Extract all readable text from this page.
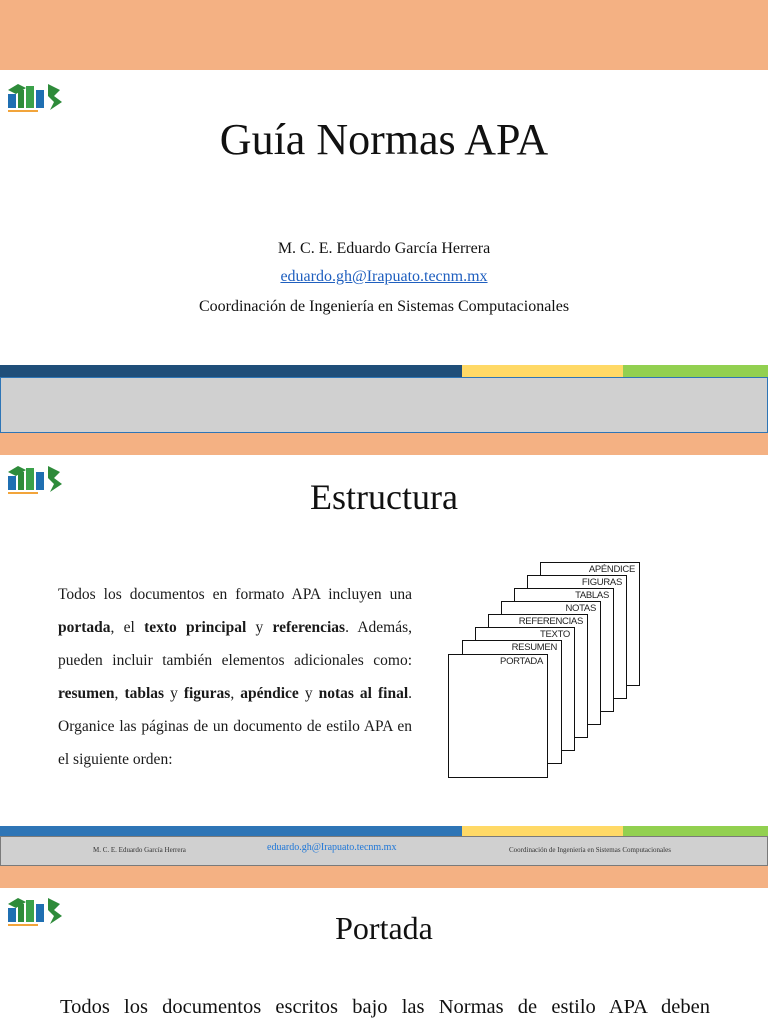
Guía Normas APA
M. C. E. Eduardo García Herrera
eduardo.gh@Irapuato.tecnm.mx
Coordinación de Ingeniería en Sistemas Computacionales
Estructura
Todos los documentos en formato APA incluyen una portada, el texto principal y referencias. Además, pueden incluir también elementos adicionales como: resumen, tablas y figuras, apéndice y notas al final. Organice las páginas de un documento de estilo APA en el siguiente orden:
APÉNDICE
FIGURAS
TABLAS
NOTAS
REFERENCIAS
TEXTO
RESUMEN
PORTADA
M. C. E. Eduardo García Herrera	eduardo.gh@Irapuato.tecnm.mx	Coordinación de Ingeniería en Sistemas Computacionales
Portada
Todos los documentos escritos bajo las Normas de estilo APA deben
